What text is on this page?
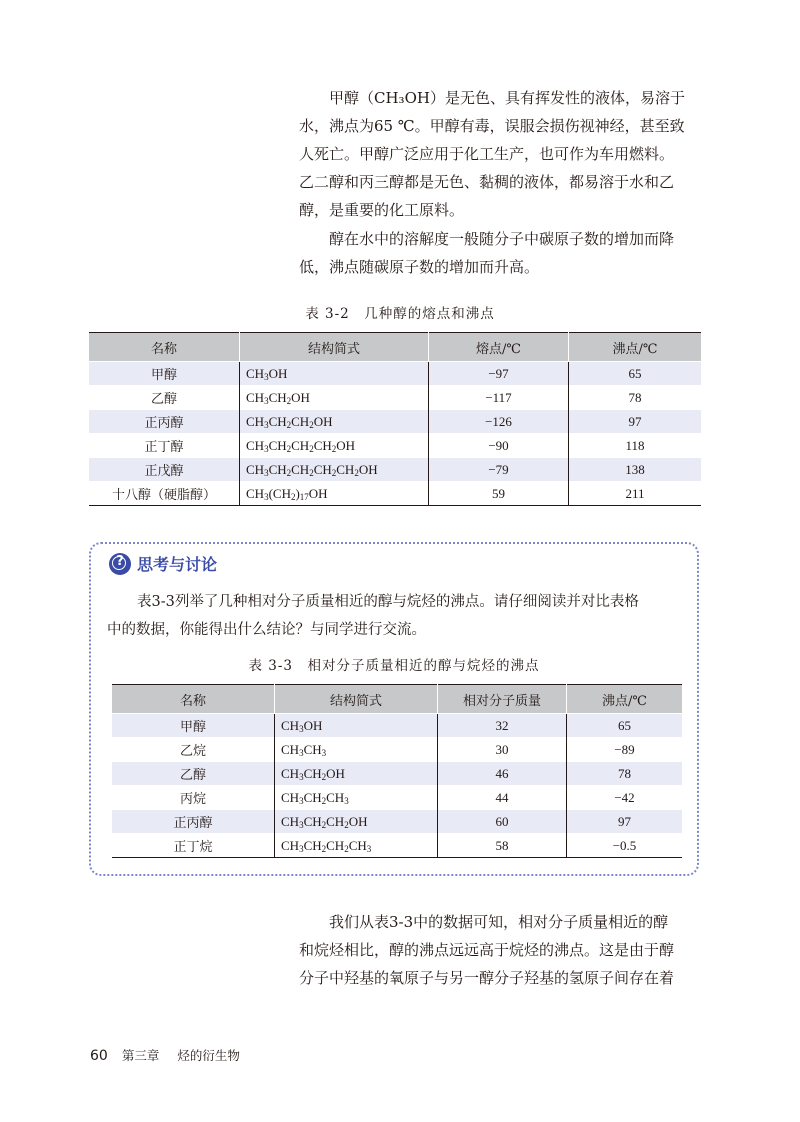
甲醇（CH₃OH）是无色、具有挥发性的液体，易溶于
水，沸点为65 ℃。甲醇有毒，误服会损伤视神经，甚至致
人死亡。甲醇广泛应用于化工生产，也可作为车用燃料。
乙二醇和丙三醇都是无色、黏稠的液体，都易溶于水和乙
醇，是重要的化工原料。
醇在水中的溶解度一般随分子中碳原子数的增加而降
低，沸点随碳原子数的增加而升高。
表 3-2　几种醇的熔点和沸点
名称	结构简式	熔点/℃	沸点/℃
甲醇	$CH_3OH$	−97	65
乙醇	$CH_3CH_2OH$	−117	78
正丙醇	$CH_3CH_2CH_2OH$	−126	97
正丁醇	$CH_3CH_2CH_2CH_2OH$	−90	118
正戊醇	$CH_3CH_2CH_2CH_2CH_2OH$	−79	138
十八醇（硬脂醇）	$CH_3(CH_2)_{17}OH$	59	211
?
思考与讨论
表3-3列举了几种相对分子质量相近的醇与烷烃的沸点。请仔细阅读并对比表格
中的数据，你能得出什么结论？与同学进行交流。
表 3-3　相对分子质量相近的醇与烷烃的沸点
名称	结构简式	相对分子质量	沸点/℃
甲醇	$CH_3OH$	32	65
乙烷	$CH_3CH_3$	30	−89
乙醇	$CH_3CH_2OH$	46	78
丙烷	$CH_3CH_2CH_3$	44	−42
正丙醇	$CH_3CH_2CH_2OH$	60	97
正丁烷	$CH_3CH_2CH_2CH_3$	58	−0.5
我们从表3-3中的数据可知，相对分子质量相近的醇
和烷烃相比，醇的沸点远远高于烷烃的沸点。这是由于醇
分子中羟基的氧原子与另一醇分子羟基的氢原子间存在着
60 第三章 烃的衍生物
